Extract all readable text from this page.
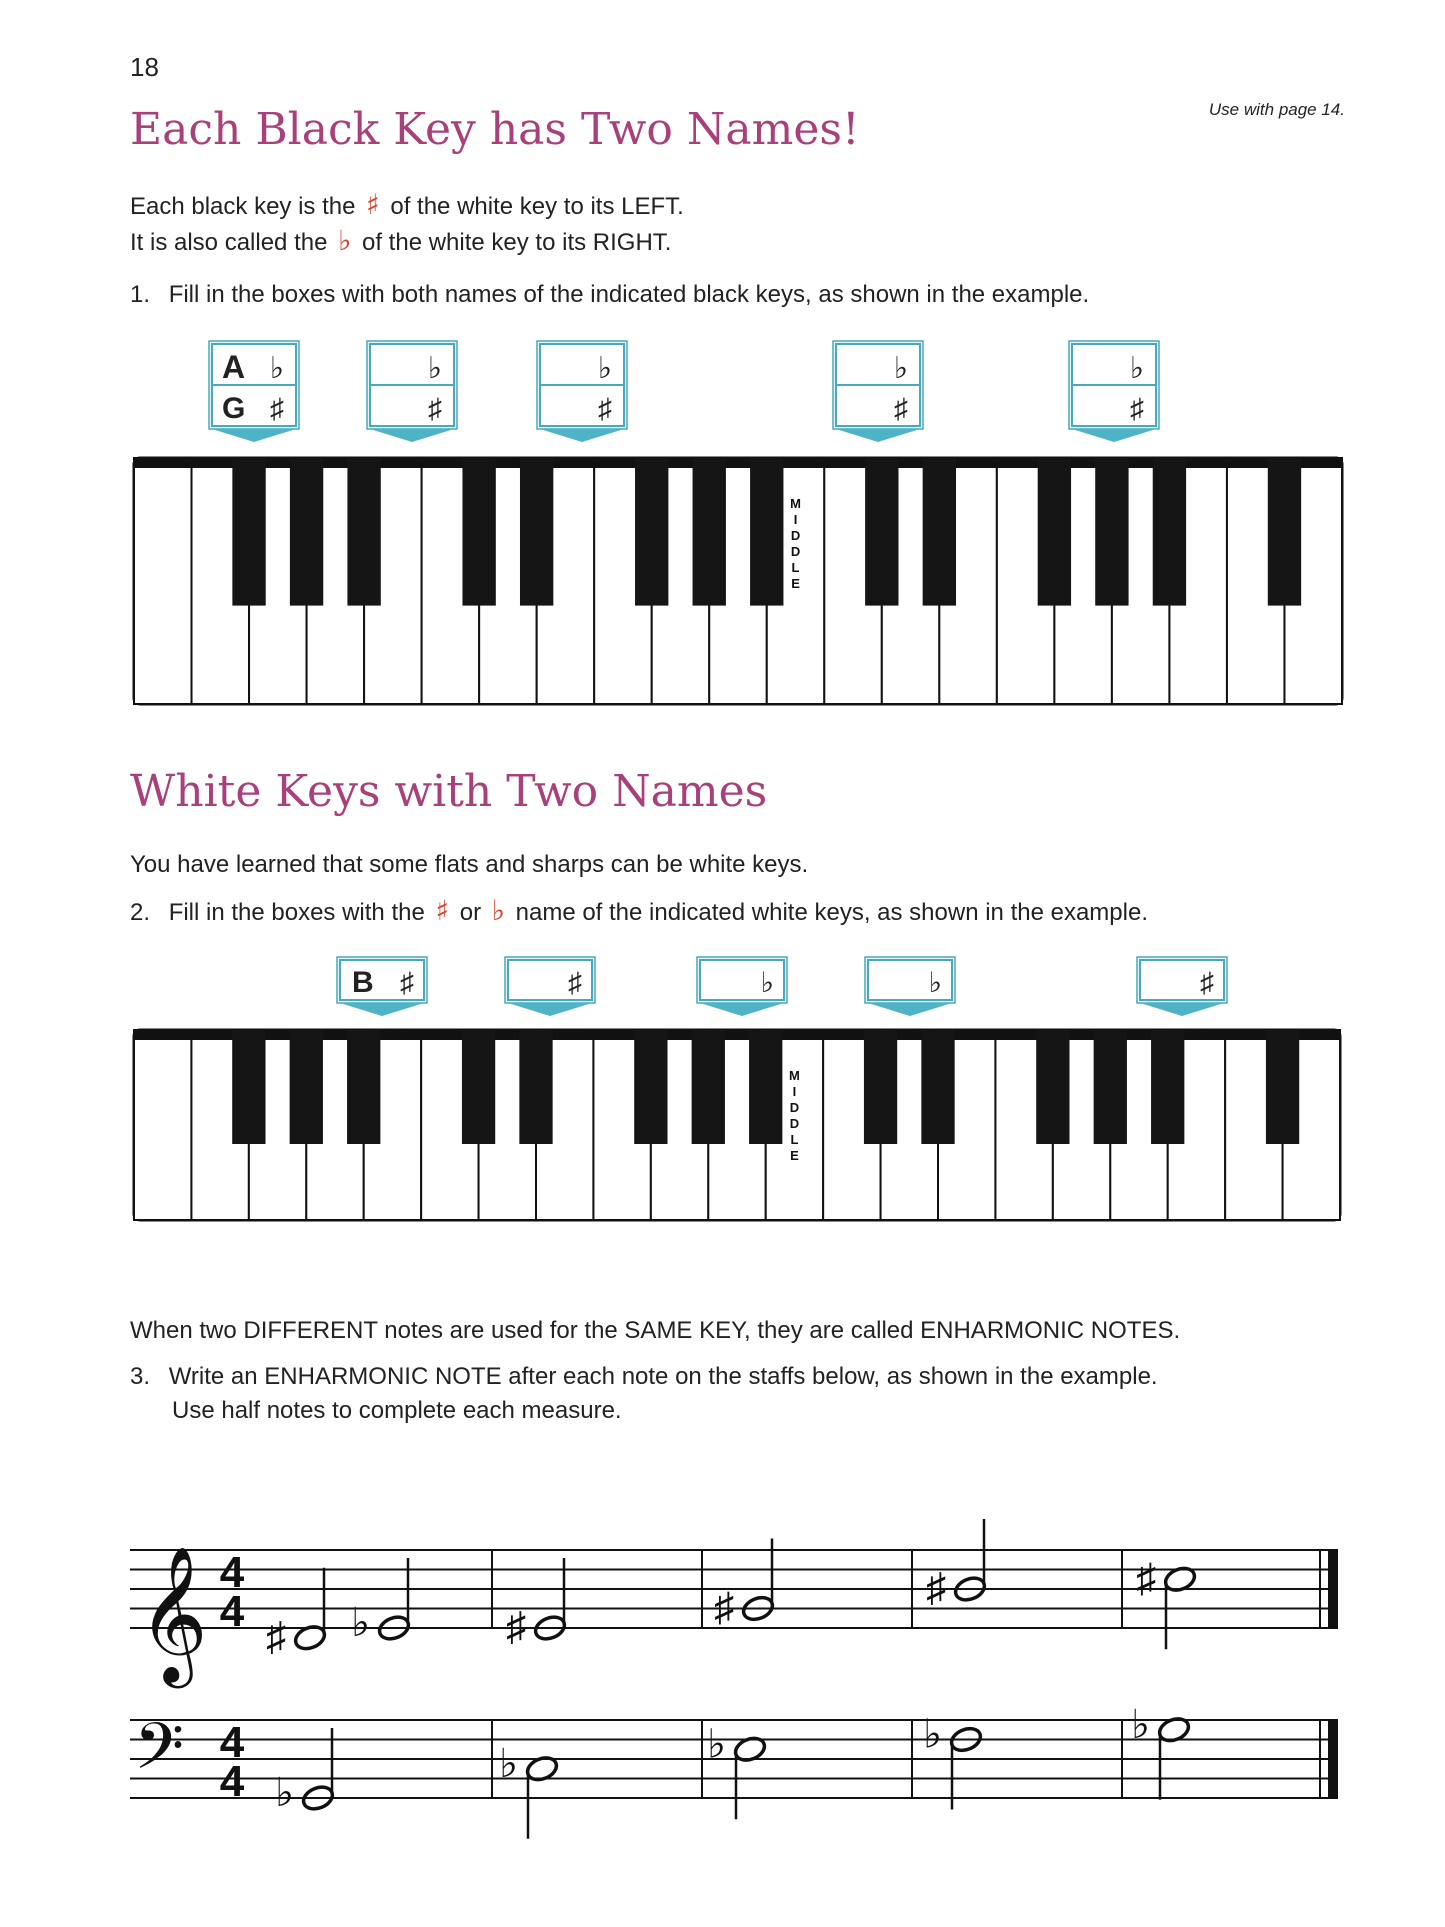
18
Use with page 14.
Each Black Key has Two Names!
Each black key is the ♯ of the white key to its LEFT.
It is also called the ♭ of the white key to its RIGHT.
1. Fill in the boxes with both names of the indicated black keys, as shown in the example.
A ♭
G ♯
♭
♯
♭
♯
♭
♯
♭
♯
M
I
D
D
L
E
White Keys with Two Names
You have learned that some flats and sharps can be white keys.
2. Fill in the boxes with the ♯ or ♭ name of the indicated white keys, as shown in the example.
B ♯	♯	♭	♭	♯
M
I
D
D
L
E
When two DIFFERENT notes are used for the SAME KEY, they are called ENHARMONIC NOTES.
3. Write an ENHARMONIC NOTE after each note on the staffs below, as shown in the example.
Use half notes to complete each measure.
𝄞 4
4
♯ ♭	♯	♯	♯	♯
𝄢 4
4 ♭
♭	♭	♭	♭
